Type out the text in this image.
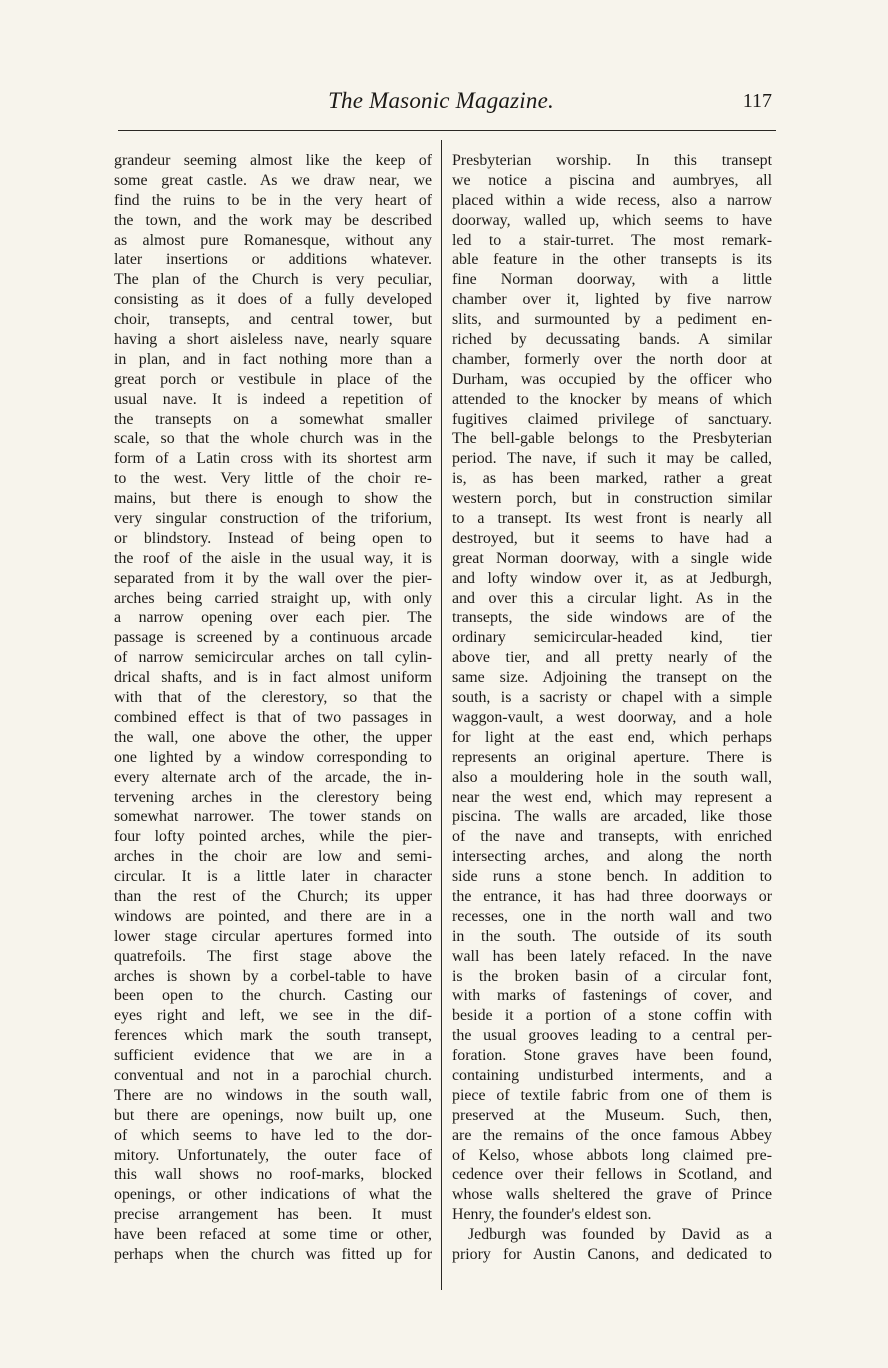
The Masonic Magazine.	117
grandeur seeming almost like the keep of
some great castle. As we draw near, we
find the ruins to be in the very heart of
the town, and the work may be described
as almost pure Romanesque, without any
later insertions or additions whatever.
The plan of the Church is very peculiar,
consisting as it does of a fully developed
choir, transepts, and central tower, but
having a short aisleless nave, nearly square
in plan, and in fact nothing more than a
great porch or vestibule in place of the
usual nave. It is indeed a repetition of
the transepts on a somewhat smaller
scale, so that the whole church was in the
form of a Latin cross with its shortest arm
to the west. Very little of the choir re-
mains, but there is enough to show the
very singular construction of the triforium,
or blindstory. Instead of being open to
the roof of the aisle in the usual way, it is
separated from it by the wall over the pier-
arches being carried straight up, with only
a narrow opening over each pier. The
passage is screened by a continuous arcade
of narrow semicircular arches on tall cylin-
drical shafts, and is in fact almost uniform
with that of the clerestory, so that the
combined effect is that of two passages in
the wall, one above the other, the upper
one lighted by a window corresponding to
every alternate arch of the arcade, the in-
tervening arches in the clerestory being
somewhat narrower. The tower stands on
four lofty pointed arches, while the pier-
arches in the choir are low and semi-
circular. It is a little later in character
than the rest of the Church; its upper
windows are pointed, and there are in a
lower stage circular apertures formed into
quatrefoils. The first stage above the
arches is shown by a corbel-table to have
been open to the church. Casting our
eyes right and left, we see in the dif-
ferences which mark the south transept,
sufficient evidence that we are in a
conventual and not in a parochial church.
There are no windows in the south wall,
but there are openings, now built up, one
of which seems to have led to the dor-
mitory. Unfortunately, the outer face of
this wall shows no roof-marks, blocked
openings, or other indications of what the
precise arrangement has been. It must
have been refaced at some time or other,
perhaps when the church was fitted up for
Presbyterian worship. In this transept
we notice a piscina and aumbryes, all
placed within a wide recess, also a narrow
doorway, walled up, which seems to have
led to a stair-turret. The most remark-
able feature in the other transepts is its
fine Norman doorway, with a little
chamber over it, lighted by five narrow
slits, and surmounted by a pediment en-
riched by decussating bands. A similar
chamber, formerly over the north door at
Durham, was occupied by the officer who
attended to the knocker by means of which
fugitives claimed privilege of sanctuary.
The bell-gable belongs to the Presbyterian
period. The nave, if such it may be called,
is, as has been marked, rather a great
western porch, but in construction similar
to a transept. Its west front is nearly all
destroyed, but it seems to have had a
great Norman doorway, with a single wide
and lofty window over it, as at Jedburgh,
and over this a circular light. As in the
transepts, the side windows are of the
ordinary semicircular-headed kind, tier
above tier, and all pretty nearly of the
same size. Adjoining the transept on the
south, is a sacristy or chapel with a simple
waggon-vault, a west doorway, and a hole
for light at the east end, which perhaps
represents an original aperture. There is
also a mouldering hole in the south wall,
near the west end, which may represent a
piscina. The walls are arcaded, like those
of the nave and transepts, with enriched
intersecting arches, and along the north
side runs a stone bench. In addition to
the entrance, it has had three doorways or
recesses, one in the north wall and two
in the south. The outside of its south
wall has been lately refaced. In the nave
is the broken basin of a circular font,
with marks of fastenings of cover, and
beside it a portion of a stone coffin with
the usual grooves leading to a central per-
foration. Stone graves have been found,
containing undisturbed interments, and a
piece of textile fabric from one of them is
preserved at the Museum. Such, then,
are the remains of the once famous Abbey
of Kelso, whose abbots long claimed pre-
cedence over their fellows in Scotland, and
whose walls sheltered the grave of Prince
Henry, the founder's eldest son.
Jedburgh was founded by David as a
priory for Austin Canons, and dedicated to
